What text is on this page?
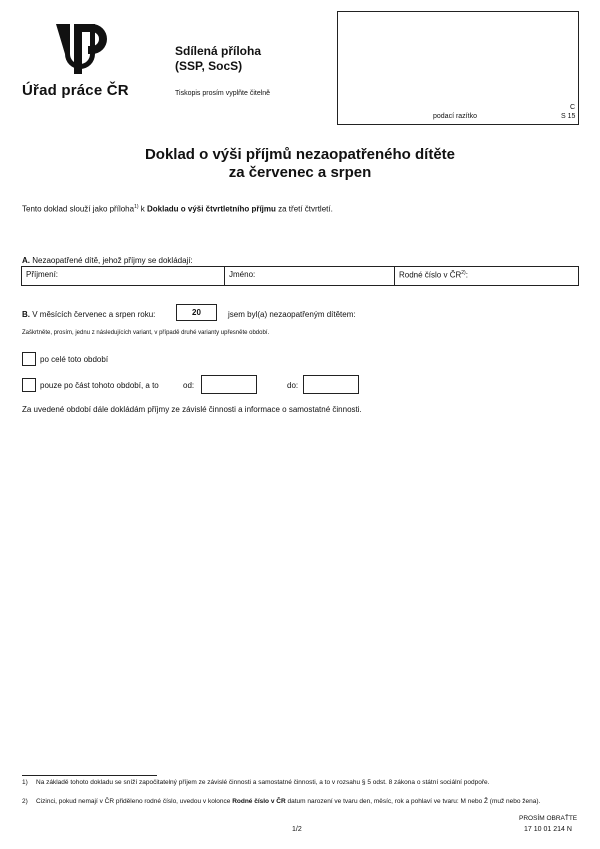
Úřad práce ČR
Sdílená příloha
(SSP, SocS)
Tiskopis prosím vyplňte čitelně
podací razítko
C
S 15
Doklad o výši příjmů nezaopatřeného dítěte
za červenec a srpen
Tento doklad slouží jako příloha$^{1)}$ k Dokladu o výši čtvrtletního příjmu za třetí čtvrtletí.
A. Nezaopatřené dítě, jehož příjmy se dokládají:
Příjmení:	Jméno:	Rodné číslo v ČR$^{2)}$:
B. V měsících červenec a srpen roku:	20	jsem byl(a) nezaopatřeným dítětem:
Zaškrtněte, prosím, jednu z následujících variant, v případě druhé varianty upřesněte období.
po celé toto období
pouze po část tohoto období, a to	od:	do:
Za uvedené období dále dokládám příjmy ze závislé činnosti a informace o samostatné činnosti.
1)	Na základě tohoto dokladu se sníží započitatelný příjem ze závislé činnosti a samostatné činnosti, a to v rozsahu § 5 odst. 8 zákona o státní sociální podpoře.
2)	Cizinci, pokud nemají v ČR přiděleno rodné číslo, uvedou v kolonce Rodné číslo v ČR datum narození ve tvaru den, měsíc, rok a pohlaví ve tvaru: M nebo Ž (muž nebo žena).
1/2
PROSÍM OBRAŤTE
17 10 01 214 N
